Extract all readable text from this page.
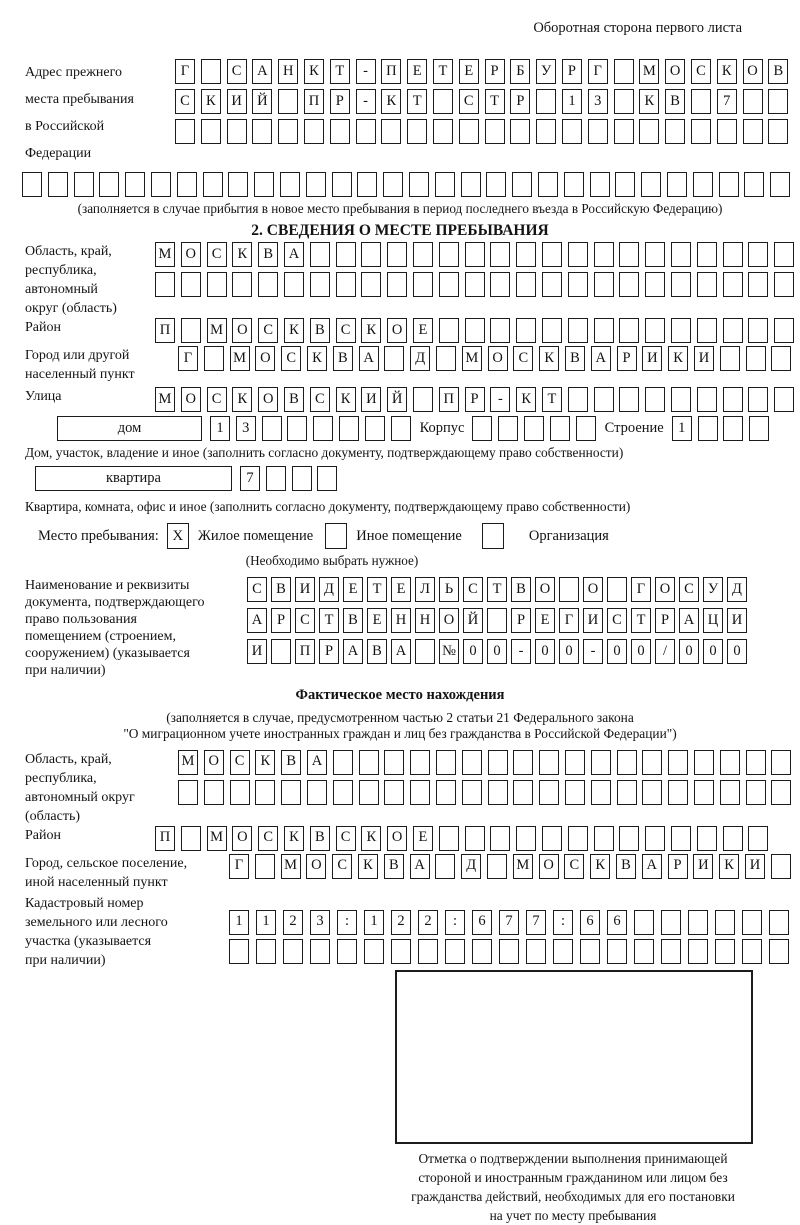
Оборотная сторона первого листа
Адрес прежнего
места пребывания
в Российской
Федерации
Г	С	А	Н	К	Т	-	П	Е	Т	Е	Р	Б	У	Р	Г	М О	С	К	О	В
С	К	И	Й	П	Р	-	К	Т	С	Т	Р	1	3	К	В	7
(заполняется в случае прибытия в новое место пребывания в период последнего въезда в Российскую Федерацию)
2. СВЕДЕНИЯ О МЕСТЕ ПРЕБЫВАНИЯ
Область, край,
республика,
автономный
округ (область)
М О	С	К	В	А
Район	П	М О	С	К	В	С	К	О	Е
Город или другой
населенный пункт
Г	М О	С	К	В	А	Д	М О	С	К	В	А	Р	И	К	И
Улица	М О	С	К	О	В	С	К	И	Й	П	Р	-	К	Т
дом	1	3	Корпус	Строение 1
Дом, участок, владение и иное (заполнить согласно документу, подтверждающему право собственности)
квартира	7
Квартира, комната, офис и иное (заполнить согласно документу, подтверждающему право собственности)
Место пребывания: X	Жилое помещение	Иное помещение	Организация
(Необходимо выбрать нужное)
Наименование и реквизиты
документа, подтверждающего
право пользования
помещением (строением,
сооружением) (указывается
при наличии)
С В И Д	Е	Т	Е	Л	Ь	С	Т	В О	О	Г	О С У Д
А	Р	С	Т	В	Е Н Н О Й	Р	Е	Г	И С	Т	Р	А Ц И
И	П	Р	А В А	№ 0	0	-	0	0	-	0	0	/	0	0	0
Фактическое место нахождения
(заполняется в случае, предусмотренном частью 2 статьи 21 Федерального закона
"О миграционном учете иностранных граждан и лиц без гражданства в Российской Федерации")
Область, край,
республика,
автономный округ
(область)
М О	С	К	В	А
Район	П	М О	С	К	В	С	К	О	Е
Город, сельское поселение,
иной населенный пункт
Г	М О	С	К	В	А	Д	М О	С	К	В	А	Р	И	К	И
Кадастровый номер
земельного или лесного
участка (указывается
при наличии)
1	1	2	3	:	1	2	2	:	6	7	7	:	6	6
Отметка о подтверждении выполнения принимающей
стороной и иностранным гражданином или лицом без
гражданства действий, необходимых для его постановки
на учет по месту пребывания
